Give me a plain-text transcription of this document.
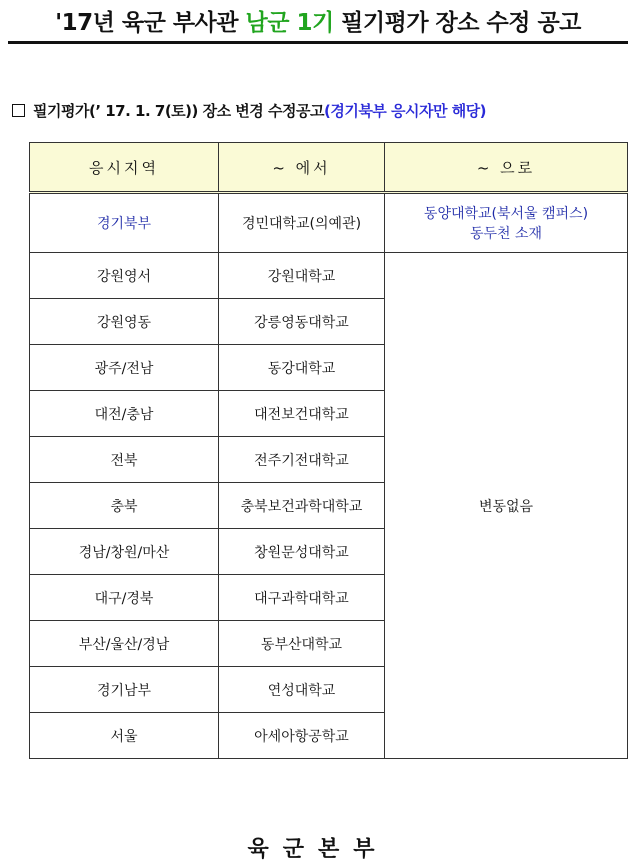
'17년 육군 부사관 남군 1기 필기평가 장소 수정 공고
필기평가(’ 17. 1. 7(토)) 장소 변경 수정공고(경기북부 응시자만 해당)
응시지역	~ 에서	~ 으로
경기북부	경민대학교(의예관)	동양대학교(북서울 캠퍼스)
동두천 소재

강원영서	강원대학교	변동없음
강원영동	강릉영동대학교	
광주/전남	동강대학교	
대전/충남	대전보건대학교	
전북	전주기전대학교	
충북	충북보건과학대학교	
경남/창원/마산	창원문성대학교	
대구/경북	대구과학대학교	
부산/울산/경남	동부산대학교	
경기남부	연성대학교	
서울	아세아항공학교	
육군본부
